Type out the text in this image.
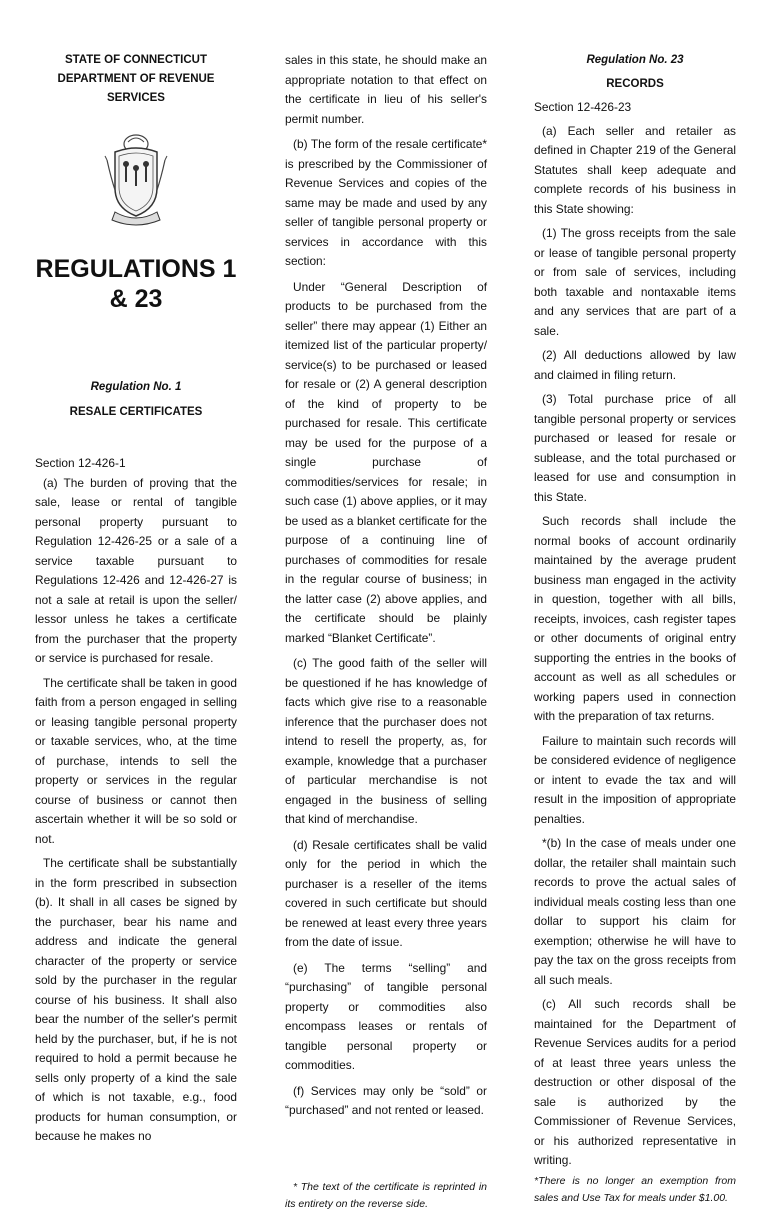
STATE OF CONNECTICUT
DEPARTMENT OF REVENUE SERVICES
REGULATIONS 1 & 23
Regulation No. 1
RESALE CERTIFICATES

Section 12-426-1

(a) The burden of proving that the sale, lease or rental of tangible personal property pursuant to Regulation 12-426-25 or a sale of a service taxable pursuant to Regulations 12-426 and 12-426-27 is not a sale at retail is upon the seller/ lessor unless he takes a certificate from the purchaser that the property or service is purchased for resale.

The certificate shall be taken in good faith from a person engaged in selling or leasing tangible personal property or taxable services, who, at the time of purchase, intends to sell the property or services in the regular course of business or cannot then ascertain whether it will be so sold or not.

The certificate shall be substantially in the form prescribed in subsection (b). It shall in all cases be signed by the purchaser, bear his name and address and indicate the general character of the property or service sold by the purchaser in the regular course of his business. It shall also bear the number of the seller's permit held by the purchaser, but, if he is not required to hold a permit because he sells only property of a kind the sale of which is not taxable, e.g., food products for human consumption, or because he makes no

sales in this state, he should make an appropriate notation to that effect on the certificate in lieu of his seller's permit number.

(b) The form of the resale certificate* is prescribed by the Commissioner of Revenue Services and copies of the same may be made and used by any seller of tangible personal property or services in accordance with this section:

Under “General Description of products to be purchased from the seller” there may appear (1) Either an itemized list of the particular property/ service(s) to be purchased or leased for resale or (2) A general description of the kind of property to be purchased for resale. This certificate may be used for the purpose of a single purchase of commodities/services for resale; in such case (1) above applies, or it may be used as a blanket certificate for the purpose of a continuing line of purchases of commodities for resale in the regular course of business; in the latter case (2) above applies, and the certificate should be plainly marked “Blanket Certificate”.

(c) The good faith of the seller will be questioned if he has knowledge of facts which give rise to a reasonable inference that the purchaser does not intend to resell the property, as, for example, knowledge that a purchaser of particular merchandise is not engaged in the business of selling that kind of merchandise.

(d) Resale certificates shall be valid only for the period in which the purchaser is a reseller of the items covered in such certificate but should be renewed at least every three years from the date of issue.

(e) The terms “selling” and “purchasing” of tangible personal property or commodities also encompass leases or rentals of tangible personal property or commodities.

(f) Services may only be “sold” or “purchased” and not rented or leased.

* The text of the certificate is reprinted in its entirety on the reverse side.

Regulation No. 23
RECORDS

Section 12-426-23

(a) Each seller and retailer as defined in Chapter 219 of the General Statutes shall keep adequate and complete records of his business in this State showing:

(1) The gross receipts from the sale or lease of tangible personal property or from sale of services, including both taxable and nontaxable items and any services that are part of a sale.

(2) All deductions allowed by law and claimed in filing return.

(3) Total purchase price of all tangible personal property or services purchased or leased for resale or sublease, and the total purchased or leased for use and consumption in this State.

Such records shall include the normal books of account ordinarily maintained by the average prudent business man engaged in the activity in question, together with all bills, receipts, invoices, cash register tapes or other documents of original entry supporting the entries in the books of account as well as all schedules or working papers used in connection with the preparation of tax returns.

Failure to maintain such records will be considered evidence of negligence or intent to evade the tax and will result in the imposition of appropriate penalties.

*(b) In the case of meals under one dollar, the retailer shall maintain such records to prove the actual sales of individual meals costing less than one dollar to support his claim for exemption; otherwise he will have to pay the tax on the gross receipts from all such meals.

(c) All such records shall be maintained for the Department of Revenue Services audits for a period of at least three years unless the destruction or other disposal of the sale is authorized by the Commissioner of Revenue Services, or his authorized representative in writing.

*There is no longer an exemption from sales and Use Tax for meals under $1.00.
